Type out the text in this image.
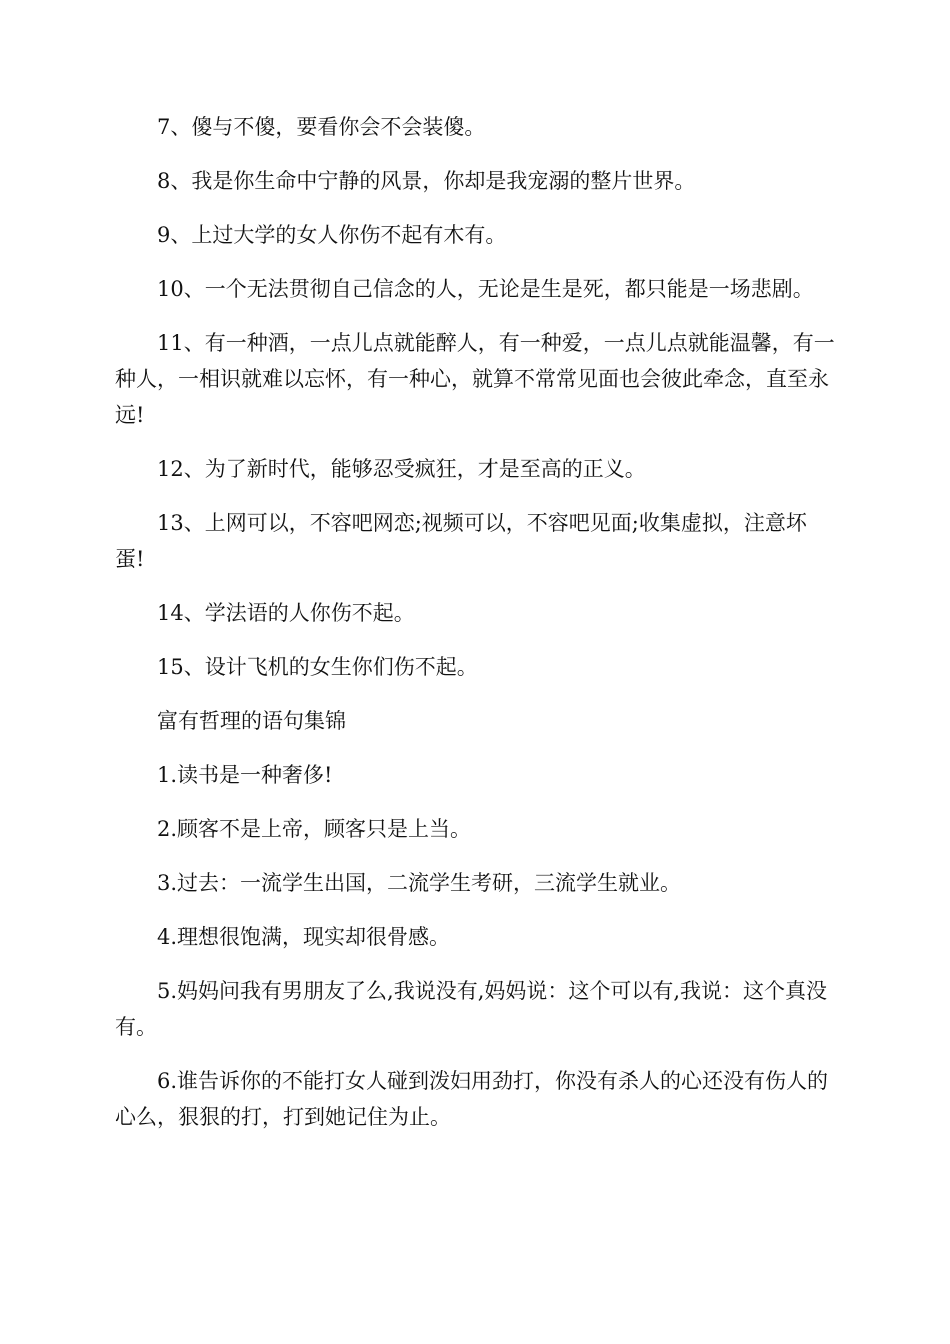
7、傻与不傻，要看你会不会装傻。

8、我是你生命中宁静的风景，你却是我宠溺的整片世界。

9、上过大学的女人你伤不起有木有。

10、一个无法贯彻自己信念的人，无论是生是死，都只能是一场悲剧。

11、有一种酒，一点儿点就能醉人，有一种爱，一点儿点就能温馨，有一种人，一相识就难以忘怀，有一种心，就算不常常见面也会彼此牵念，直至永远!

12、为了新时代，能够忍受疯狂，才是至高的正义。

13、上网可以，不容吧网恋;视频可以，不容吧见面;收集虚拟，注意坏蛋!

14、学法语的人你伤不起。

15、设计飞机的女生你们伤不起。

富有哲理的语句集锦

1.读书是一种奢侈!

2.顾客不是上帝，顾客只是上当。

3.过去：一流学生出国，二流学生考研，三流学生就业。

4.理想很饱满，现实却很骨感。

5.妈妈问我有男朋友了么,我说没有,妈妈说：这个可以有,我说：这个真没有。

6.谁告诉你的不能打女人碰到泼妇用劲打，你没有杀人的心还没有伤人的心么，狠狠的打，打到她记住为止。
